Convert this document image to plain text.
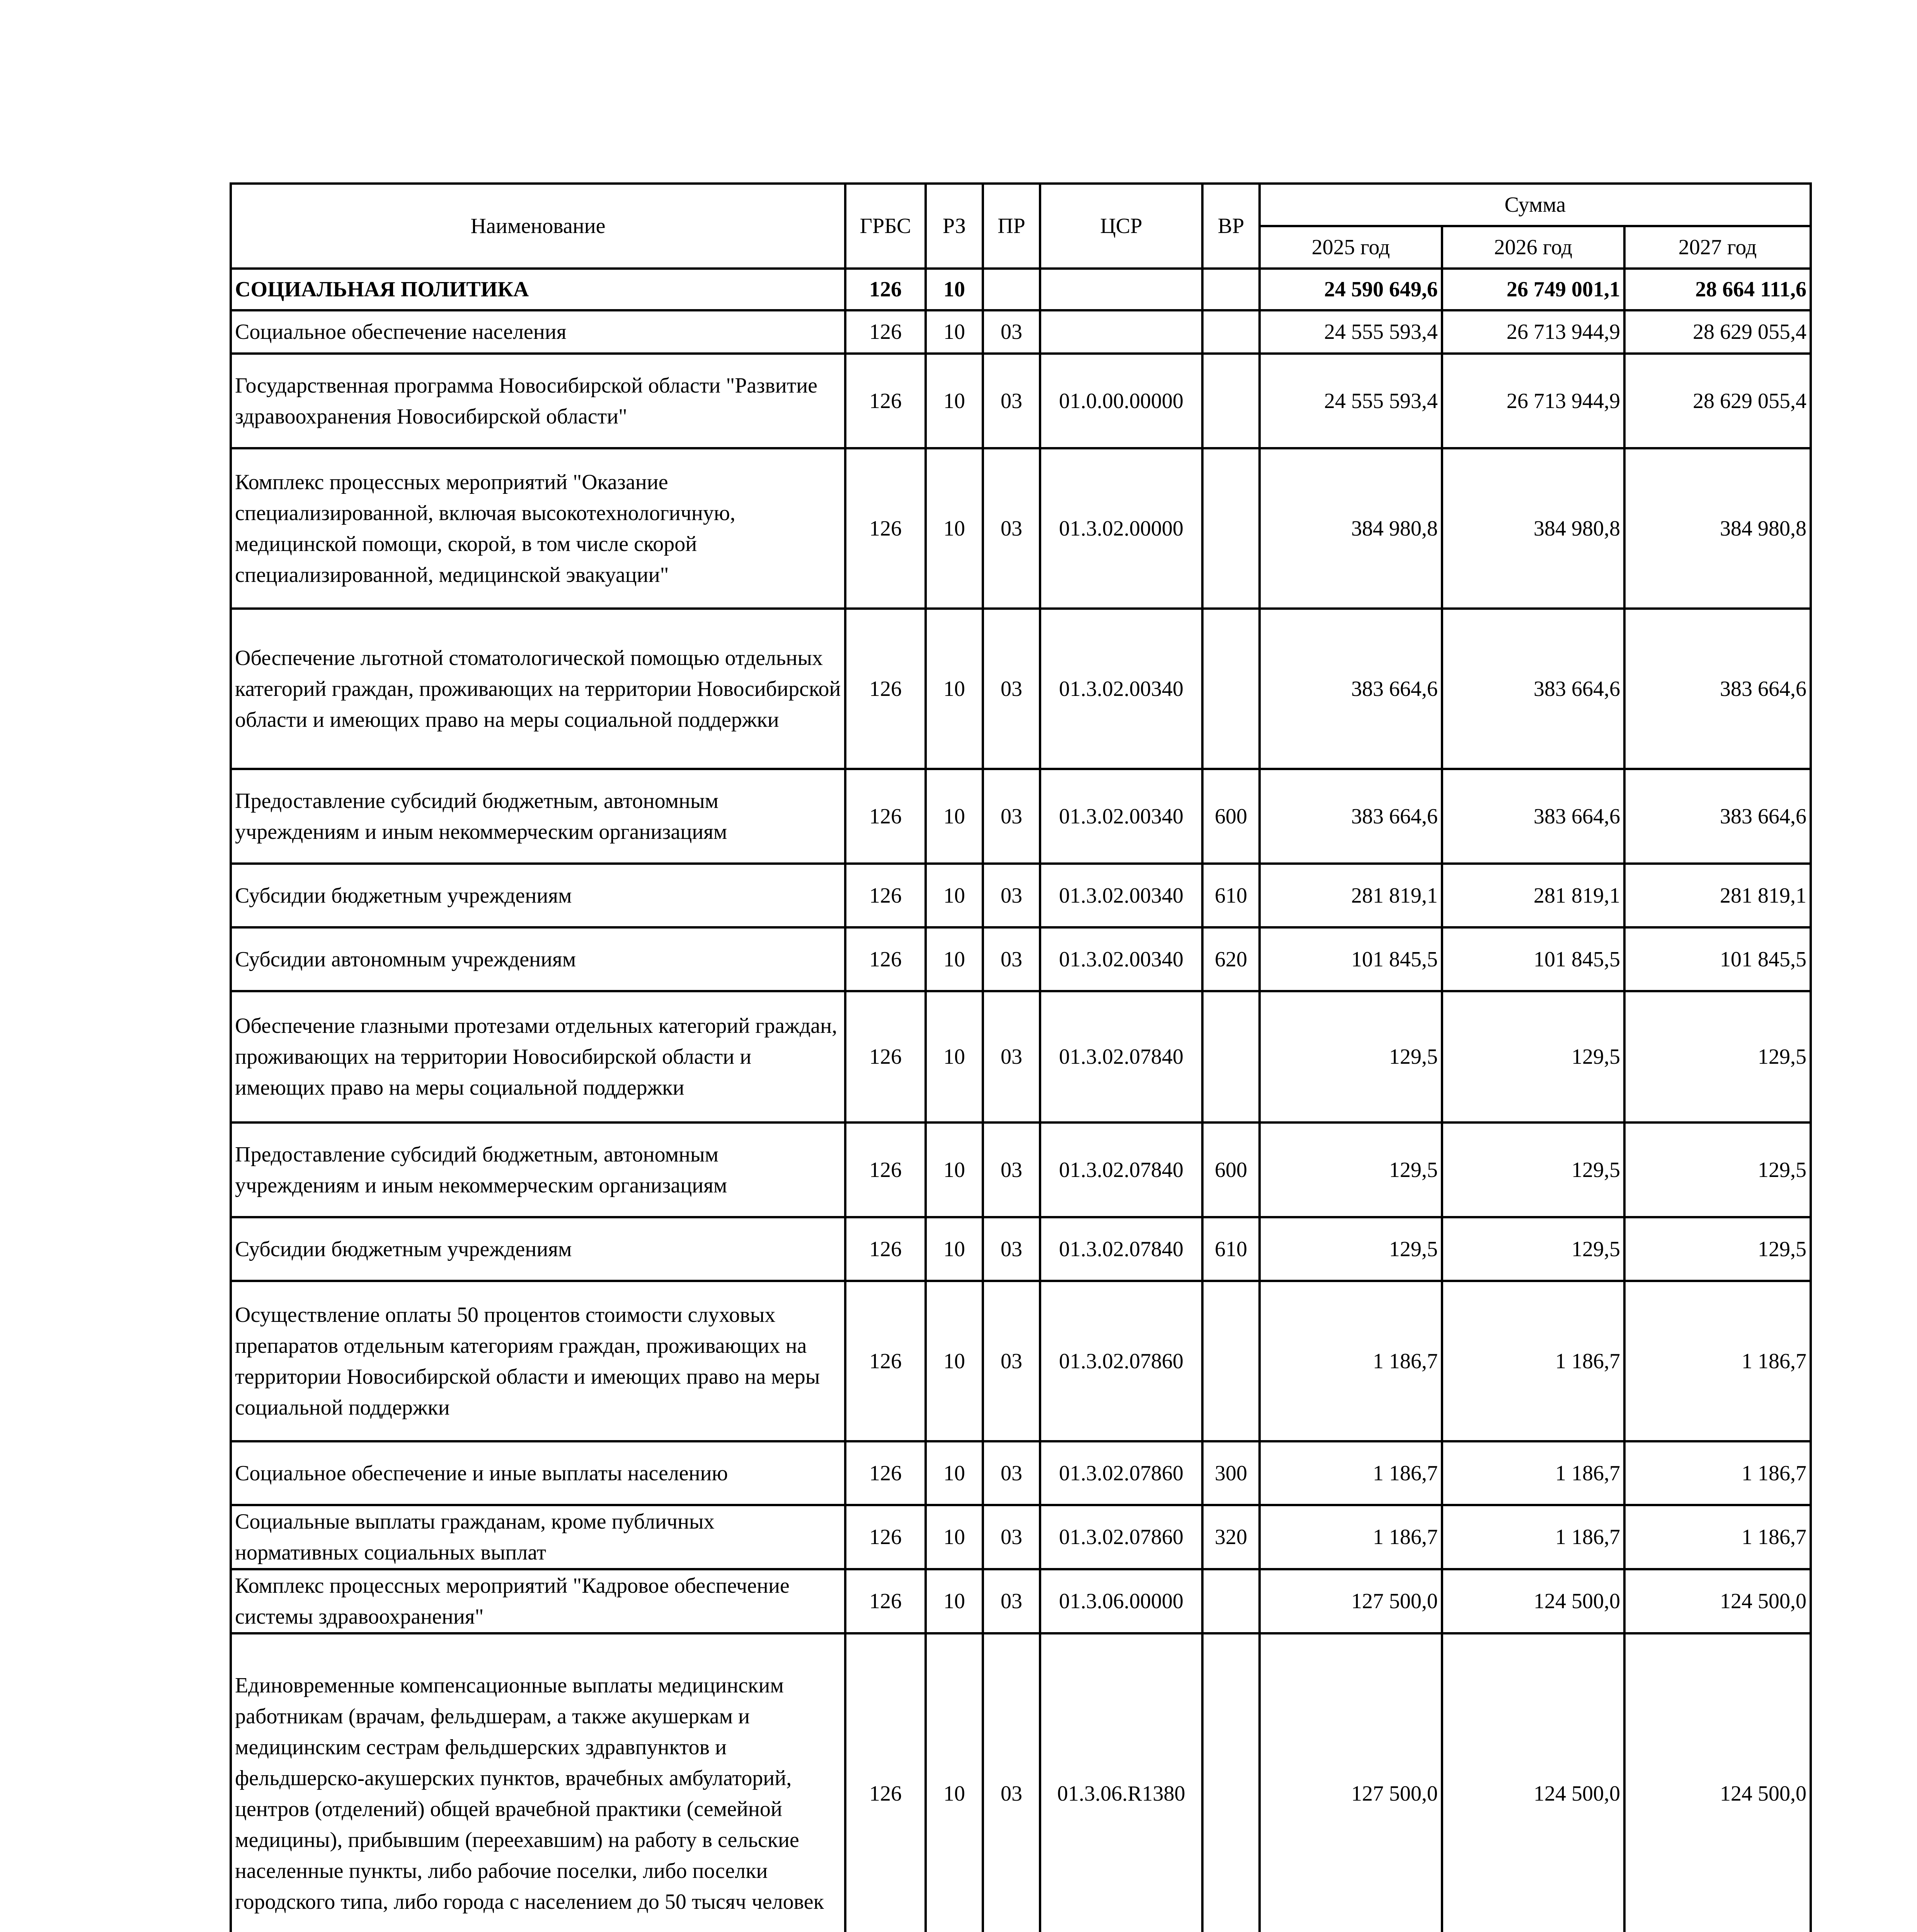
Наименование	ГРБС	РЗ	ПР	ЦСР	ВР	Сумма		
						2025 год	2026 год	2027 год
СОЦИАЛЬНАЯ ПОЛИТИКА	126	10				24 590 649,6	26 749 001,1	28 664 111,6
Социальное обеспечение населения	126	10	03			24 555 593,4	26 713 944,9	28 629 055,4
Государственная программа Новосибирской области "Развитие здравоохранения Новосибирской области"	126	10	03	01.0.00.00000		24 555 593,4	26 713 944,9	28 629 055,4
Комплекс процессных мероприятий "Оказание специализированной, включая высокотехнологичную, медицинской помощи, скорой, в том числе скорой специализированной, медицинской эвакуации"	126	10	03	01.3.02.00000		384 980,8	384 980,8	384 980,8
Обеспечение льготной стоматологической помощью отдельных категорий граждан, проживающих на территории Новосибирской области и имеющих право на меры социальной поддержки	126	10	03	01.3.02.00340		383 664,6	383 664,6	383 664,6
Предоставление субсидий бюджетным, автономным учреждениям и иным некоммерческим организациям	126	10	03	01.3.02.00340	600	383 664,6	383 664,6	383 664,6
Субсидии бюджетным учреждениям	126	10	03	01.3.02.00340	610	281 819,1	281 819,1	281 819,1
Субсидии автономным учреждениям	126	10	03	01.3.02.00340	620	101 845,5	101 845,5	101 845,5
Обеспечение глазными протезами отдельных категорий граждан, проживающих на территории Новосибирской области и имеющих право на меры социальной поддержки	126	10	03	01.3.02.07840		129,5	129,5	129,5
Предоставление субсидий бюджетным, автономным учреждениям и иным некоммерческим организациям	126	10	03	01.3.02.07840	600	129,5	129,5	129,5
Субсидии бюджетным учреждениям	126	10	03	01.3.02.07840	610	129,5	129,5	129,5
Осуществление оплаты 50 процентов стоимости слуховых препаратов отдельным категориям граждан, проживающих на территории Новосибирской области и имеющих право на меры социальной поддержки	126	10	03	01.3.02.07860		1 186,7	1 186,7	1 186,7
Социальное обеспечение и иные выплаты населению	126	10	03	01.3.02.07860	300	1 186,7	1 186,7	1 186,7
Социальные выплаты гражданам, кроме публичных нормативных социальных выплат	126	10	03	01.3.02.07860	320	1 186,7	1 186,7	1 186,7
Комплекс процессных мероприятий "Кадровое обеспечение системы здравоохранения"	126	10	03	01.3.06.00000		127 500,0	124 500,0	124 500,0
Единовременные компенсационные выплаты медицинским работникам (врачам, фельдшерам, а также акушеркам и медицинским сестрам фельдшерских здравпунктов и фельдшерско-акушерских пунктов, врачебных амбулаторий, центров (отделений) общей врачебной практики (семейной медицины), прибывшим (переехавшим) на работу в сельские населенные пункты, либо рабочие поселки, либо поселки городского типа, либо города с населением до 50 тысяч человек	126	10	03	01.3.06.R1380		127 500,0	124 500,0	124 500,0
